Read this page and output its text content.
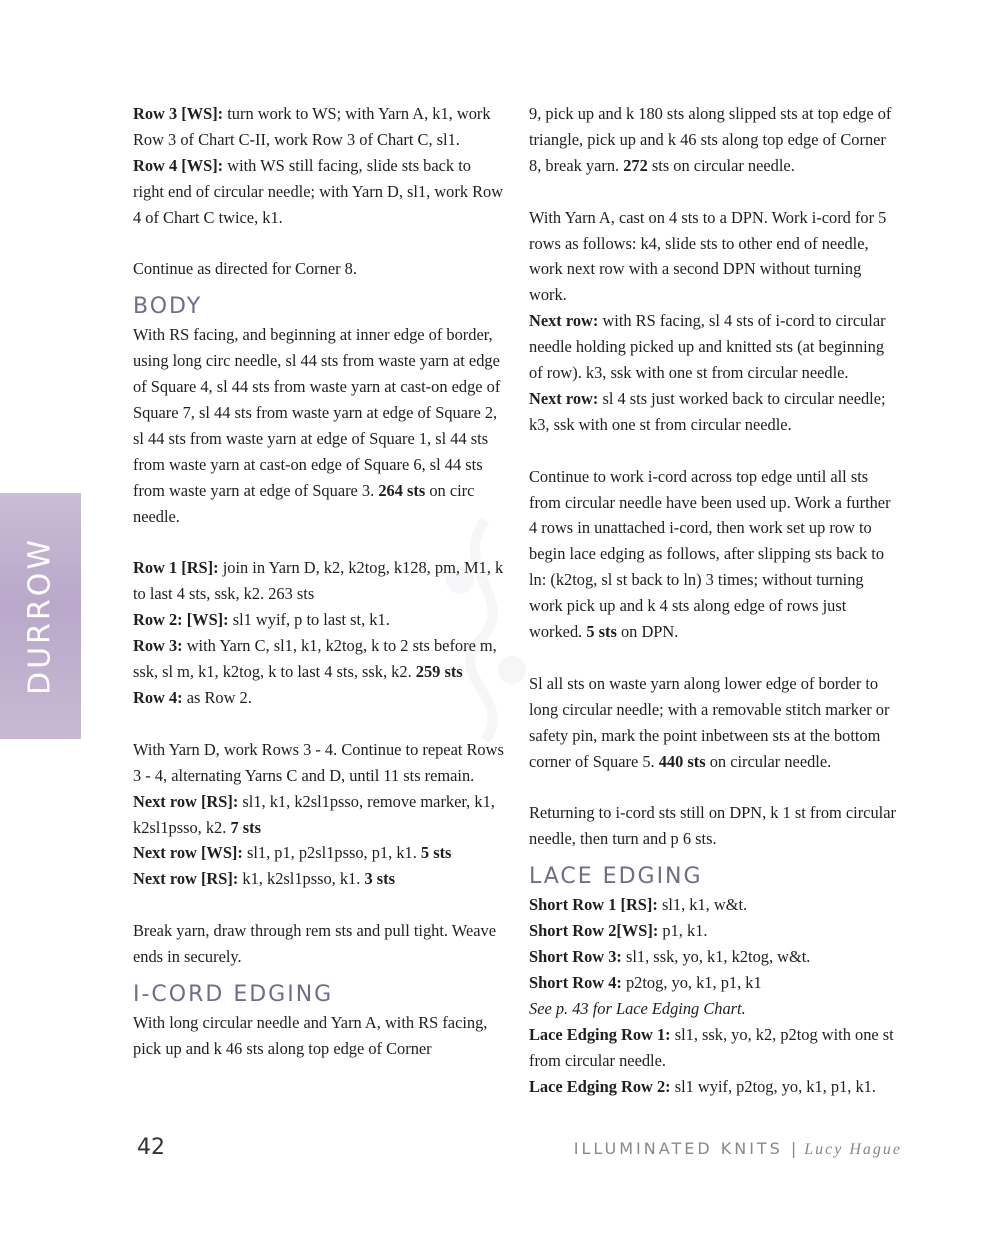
DURROW

Row 3 [WS]: turn work to WS; with Yarn A, k1, work Row 3 of Chart C-II, work Row 3 of Chart C, sl1.

Row 4 [WS]: with WS still facing, slide sts back to right end of circular needle; with Yarn D, sl1, work Row 4 of Chart C twice, k1.

Continue as directed for Corner 8.

BODY

With RS facing, and beginning at inner edge of border, using long circ needle, sl 44 sts from waste yarn at edge of Square 4, sl 44 sts from waste yarn at cast-on edge of Square 7, sl 44 sts from waste yarn at edge of Square 2, sl 44 sts from waste yarn at edge of Square 1, sl 44 sts from waste yarn at cast-on edge of Square 6, sl 44 sts from waste yarn at edge of Square 3. 264 sts on circ needle.

Row 1 [RS]: join in Yarn D, k2, k2tog, k128, pm, M1, k to last 4 sts, ssk, k2. 263 sts

Row 2: [WS]: sl1 wyif, p to last st, k1.

Row 3: with Yarn C, sl1, k1, k2tog, k to 2 sts before m, ssk, sl m, k1, k2tog, k to last 4 sts, ssk, k2. 259 sts

Row 4: as Row 2.

With Yarn D, work Rows 3 - 4. Continue to repeat Rows 3 - 4, alternating Yarns C and D, until 11 sts remain.

Next row [RS]: sl1, k1, k2sl1psso, remove marker, k1, k2sl1psso, k2. 7 sts

Next row [WS]: sl1, p1, p2sl1psso, p1, k1. 5 sts

Next row [RS]: k1, k2sl1psso, k1. 3 sts

Break yarn, draw through rem sts and pull tight. Weave ends in securely.

I-CORD EDGING

With long circular needle and Yarn A, with RS facing, pick up and k 46 sts along top edge of Corner

9, pick up and k 180 sts along slipped sts at top edge of triangle, pick up and k 46 sts along top edge of Corner 8, break yarn. 272 sts on circular needle.

With Yarn A, cast on 4 sts to a DPN. Work i-cord for 5 rows as follows: k4, slide sts to other end of needle, work next row with a second DPN without turning work.

Next row: with RS facing, sl 4 sts of i-cord to circular needle holding picked up and knitted sts (at beginning of row). k3, ssk with one st from circular needle.

Next row: sl 4 sts just worked back to circular needle; k3, ssk with one st from circular needle.

Continue to work i-cord across top edge until all sts from circular needle have been used up. Work a further 4 rows in unattached i-cord, then work set up row to begin lace edging as follows, after slipping sts back to ln: (k2tog, sl st back to ln) 3 times; without turning work pick up and k 4 sts along edge of rows just worked. 5 sts on DPN.

Sl all sts on waste yarn along lower edge of border to long circular needle; with a removable stitch marker or safety pin, mark the point inbetween sts at the bottom corner of Square 5. 440 sts on circular needle.

Returning to i-cord sts still on DPN, k 1 st from circular needle, then turn and p 6 sts.

LACE EDGING

Short Row 1 [RS]: sl1, k1, w&t.

Short Row 2[WS]: p1, k1.

Short Row 3: sl1, ssk, yo, k1, k2tog, w&t.

Short Row 4: p2tog, yo, k1, p1, k1

See p. 43 for Lace Edging Chart.

Lace Edging Row 1: sl1, ssk, yo, k2, p2tog with one st from circular needle.

Lace Edging Row 2: sl1 wyif, p2tog, yo, k1, p1, k1.

42	ILLUMINATED KNITS | Lucy Hague
